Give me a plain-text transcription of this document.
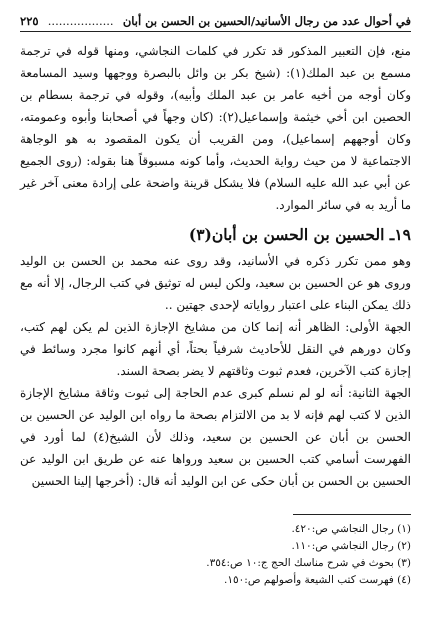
في أحوال عدد من رجال الأسانيد/الحسين بن الحسن بن أبان
..................
٢٢٥

منع، فإن التعبير المذكور قد تكرر في كلمات النجاشي، ومنها قوله في ترجمة مسمع بن عبد الملك(١): (شيخ بكر بن وائل بالبصرة ووجهها وسيد المسامعة وكان أوجه من أخيه عامر بن عبد الملك وأبيه)، وقوله في ترجمة بسطام بن الحصين ابن أخي خيثمة وإسماعيل(٢): (كان وجهاً في أصحابنا وأبوه وعمومته، وكان أوجههم إسماعيل)، ومن القريب أن يكون المقصود به هو الوجاهة الاجتماعية لا من حيث رواية الحديث، وأما كونه مسبوقاً هنا بقوله: (روى الجميع عن أبي عبد الله عليه السلام) فلا يشكل قرينة واضحة على إرادة معنى آخر غير ما أريد به في سائر الموارد.

١٩ـ الحسين بن الحسن بن أبان(٣)

وهو ممن تكرر ذكره في الأسانيد، وقد روى عنه محمد بن الحسن بن الوليد وروى هو عن الحسين بن سعيد، ولكن ليس له توثيق في كتب الرجال، إلا أنه مع ذلك يمكن البناء على اعتبار رواياته لإحدى جهتين ..

الجهة الأولى: الظاهر أنه إنما كان من مشايخ الإجازة الذين لم يكن لهم كتب، وكان دورهم في النقل للأحاديث شرفياً بحتاً، أي أنهم كانوا مجرد وسائط في إجازة كتب الآخرين، فعدم ثبوت وثاقتهم لا يضر بصحة السند.

الجهة الثانية: أنه لو لم نسلم كبرى عدم الحاجة إلى ثبوت وثاقة مشايخ الإجازة الذين لا كتب لهم فإنه لا بد من الالتزام بصحة ما رواه ابن الوليد عن الحسين بن الحسن بن أبان عن الحسين بن سعيد، وذلك لأن الشيخ(٤) لما أورد في الفهرست أسامي كتب الحسين بن سعيد ورواها عنه عن طريق ابن الوليد عن الحسين بن الحسن بن أبان حكى عن ابن الوليد أنه قال: (أخرجها إلينا الحسين

(١) رجال النجاشي ص:٤٢٠.
(٢) رجال النجاشي ص:١١٠.
(٣) بحوث في شرح مناسك الحج ج:١٠ ص:٣٥٤.
(٤) فهرست كتب الشيعة وأصولهم ص:١٥٠.
